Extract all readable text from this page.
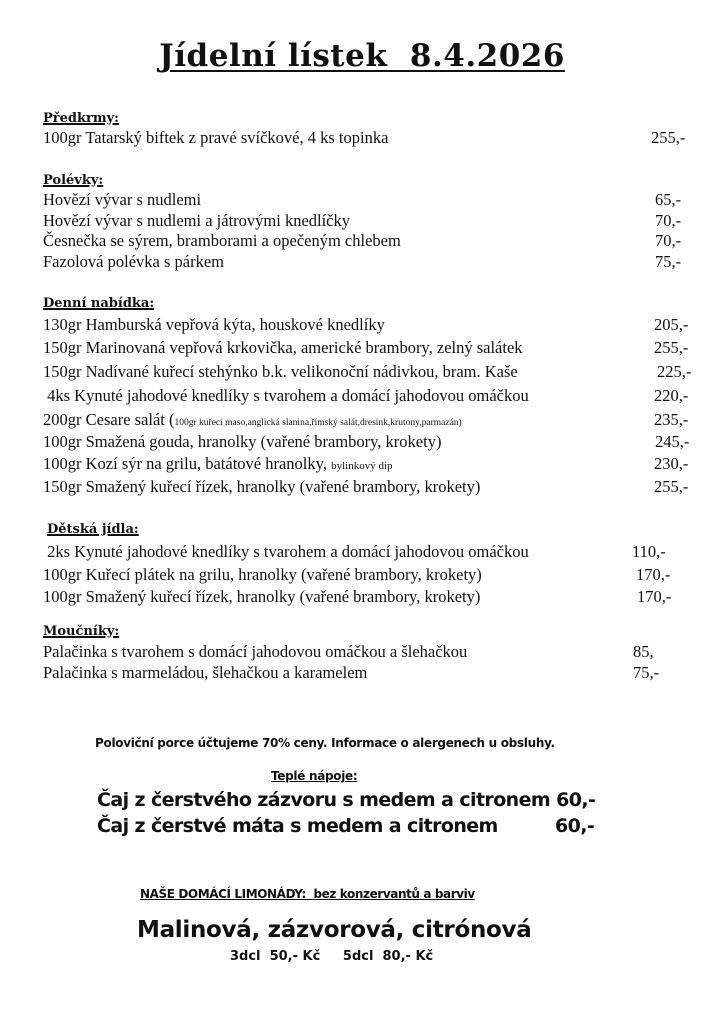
Jídelní lístek  8.4.2026
Předkrmy:
100gr Tatarský biftek z pravé svíčkové, 4 ks topinka	255,-
Polévky:
Hovězí vývar s nudlemi	65,-
Hovězí vývar s nudlemi a játrovými knedlíčky	70,-
Česnečka se sýrem, bramborami a opečeným chlebem	70,-
Fazolová polévka s párkem	75,-
Denní nabídka:
130gr Hamburská vepřová kýta, houskové knedlíky	205,-
150gr Marinovaná vepřová krkovička, americké brambory, zelný salátek	255,-
150gr Nadívané kuřecí stehýnko b.k. velikonoční nádivkou, bram. Kaše	225,-
4ks Kynuté jahodové knedlíky s tvarohem a domácí jahodovou omáčkou	220,-
200gr Cesare salát (100gr kuřecí maso,anglická slanina,římský salát,dresink,krutony,parmazán)	235,-
100gr Smažená gouda, hranolky (vařené brambory, krokety)	245,-
100gr Kozí sýr na grilu, batátové hranolky, bylinkový dip	230,-
150gr Smažený kuřecí řízek, hranolky (vařené brambory, krokety)	255,-
Dětská jídla:
2ks Kynuté jahodové knedlíky s tvarohem a domácí jahodovou omáčkou	110,-
100gr Kuřecí plátek na grilu, hranolky (vařené brambory, krokety)	170,-
100gr Smažený kuřecí řízek, hranolky (vařené brambory, krokety)	170,-
Moučníky:
Palačinka s tvarohem s domácí jahodovou omáčkou a šlehačkou	85,
Palačinka s marmeládou, šlehačkou a karamelem	75,-
Poloviční porce účtujeme 70% ceny. Informace o alergenech u obsluhy.
Teplé nápoje:
Čaj z čerstvého zázvoru s medem a citronem 60,-
Čaj z čerstvé máta s medem a citronem	60,-
NAŠE DOMÁCÍ LIMONÁDY:  bez konzervantů a barviv
Malinová, zázvorová, citrónová
3dcl  50,- Kč     5dcl  80,- Kč
